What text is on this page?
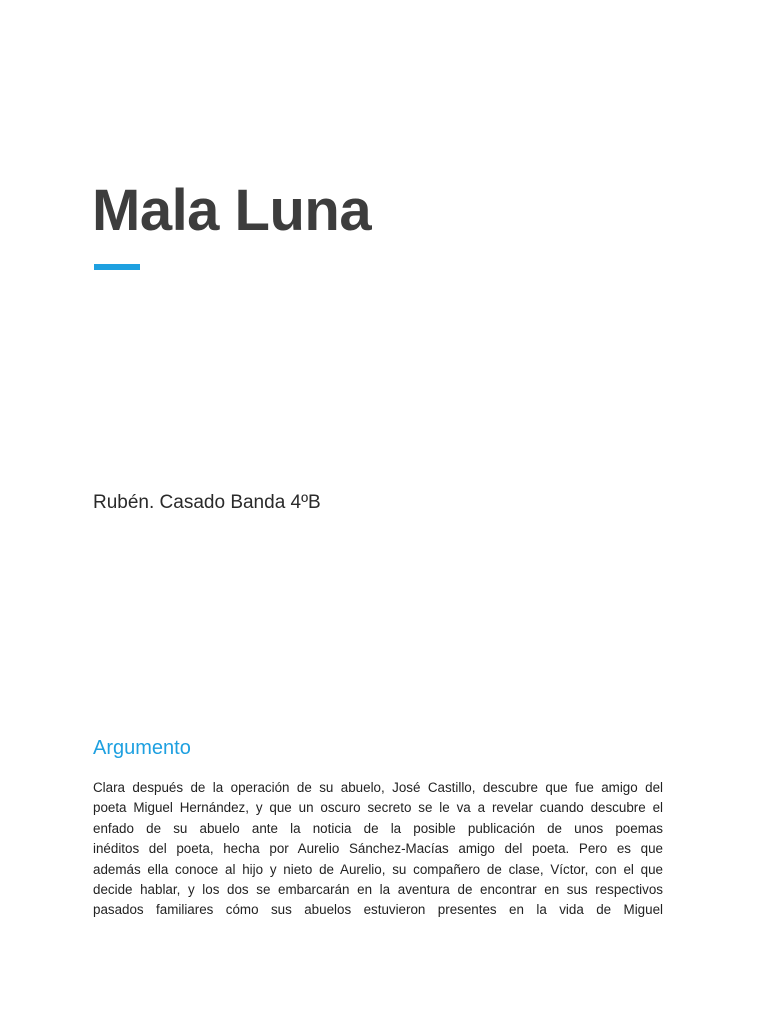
Mala Luna

Rubén. Casado Banda 4ºB

Argumento
Clara después de la operación de su abuelo, José Castillo, descubre que fue amigo del
poeta Miguel Hernández, y que un oscuro secreto se le va a revelar cuando descubre el
enfado de su abuelo ante la noticia de la posible publicación de unos poemas
inéditos del poeta, hecha por Aurelio Sánchez-Macías amigo del poeta. Pero es que
además ella conoce al hijo y nieto de Aurelio, su compañero de clase, Víctor, con el que
decide hablar, y los dos se embarcarán en la aventura de encontrar en sus respectivos
pasados familiares cómo sus abuelos estuvieron presentes en la vida de Miguel
